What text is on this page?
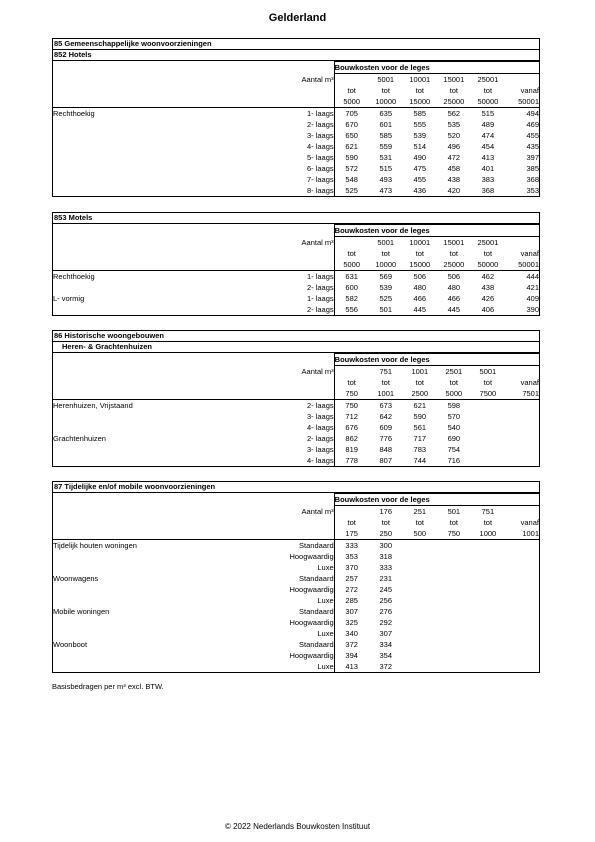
Gelderland
85 Gemeenschappelijke woonvoorzieningen
852 Hotels
		Bouwkosten voor de leges					
	Aantal m³		5001	10001	15001	25001	
		tot	tot	tot	tot	tot	vanaf
		5000	10000	15000	25000	50000	50001
Rechthoekig	1- laags	705	635	585	562	515	494
	2- laags	670	601	555	535	489	469
	3- laags	650	585	539	520	474	455
	4- laags	621	559	514	496	454	435
	5- laags	590	531	490	472	413	397
	6- laags	572	515	475	458	401	385
	7- laags	548	493	455	438	383	368
	8- laags	525	473	436	420	368	353
853 Motels
		Bouwkosten voor de leges					
	Aantal m³		5001	10001	15001	25001	
		tot	tot	tot	tot	tot	vanaf
		5000	10000	15000	25000	50000	50001
Rechthoekig	1- laags	631	569	506	506	462	444
	2- laags	600	539	480	480	438	421
L- vormig	1- laags	582	525	466	466	426	409
	2- laags	556	501	445	445	406	390
86 Historische woongebouwen
Heren- & Grachtenhuizen
		Bouwkosten voor de leges					
	Aantal m³		751	1001	2501	5001	
		tot	tot	tot	tot	tot	vanaf
		750	1001	2500	5000	7500	7501
Herenhuizen, Vrijstaand	2- laags	750	673	621	598		
	3- laags	712	642	590	570		
	4- laags	676	609	561	540		
Grachtenhuizen	2- laags	862	776	717	690		
	3- laags	819	848	783	754		
	4- laags	778	807	744	716		
87 Tijdelijke en/of mobile woonvoorzieningen
		Bouwkosten voor de leges					
	Aantal m³		176	251	501	751	
		tot	tot	tot	tot	tot	vanaf
		175	250	500	750	1000	1001
Tijdelijk houten woningen	Standaard	333	300				
	Hoogwaardig	353	318				
	Luxe	370	333				
Woonwagens	Standaard	257	231				
	Hoogwaardig	272	245				
	Luxe	285	256				
Mobile woningen	Standaard	307	276				
	Hoogwaardig	325	292				
	Luxe	340	307				
Woonboot	Standaard	372	334				
	Hoogwaardig	394	354				
	Luxe	413	372				
Basisbedragen per m³ excl. BTW.
© 2022 Nederlands Bouwkosten Instituut
